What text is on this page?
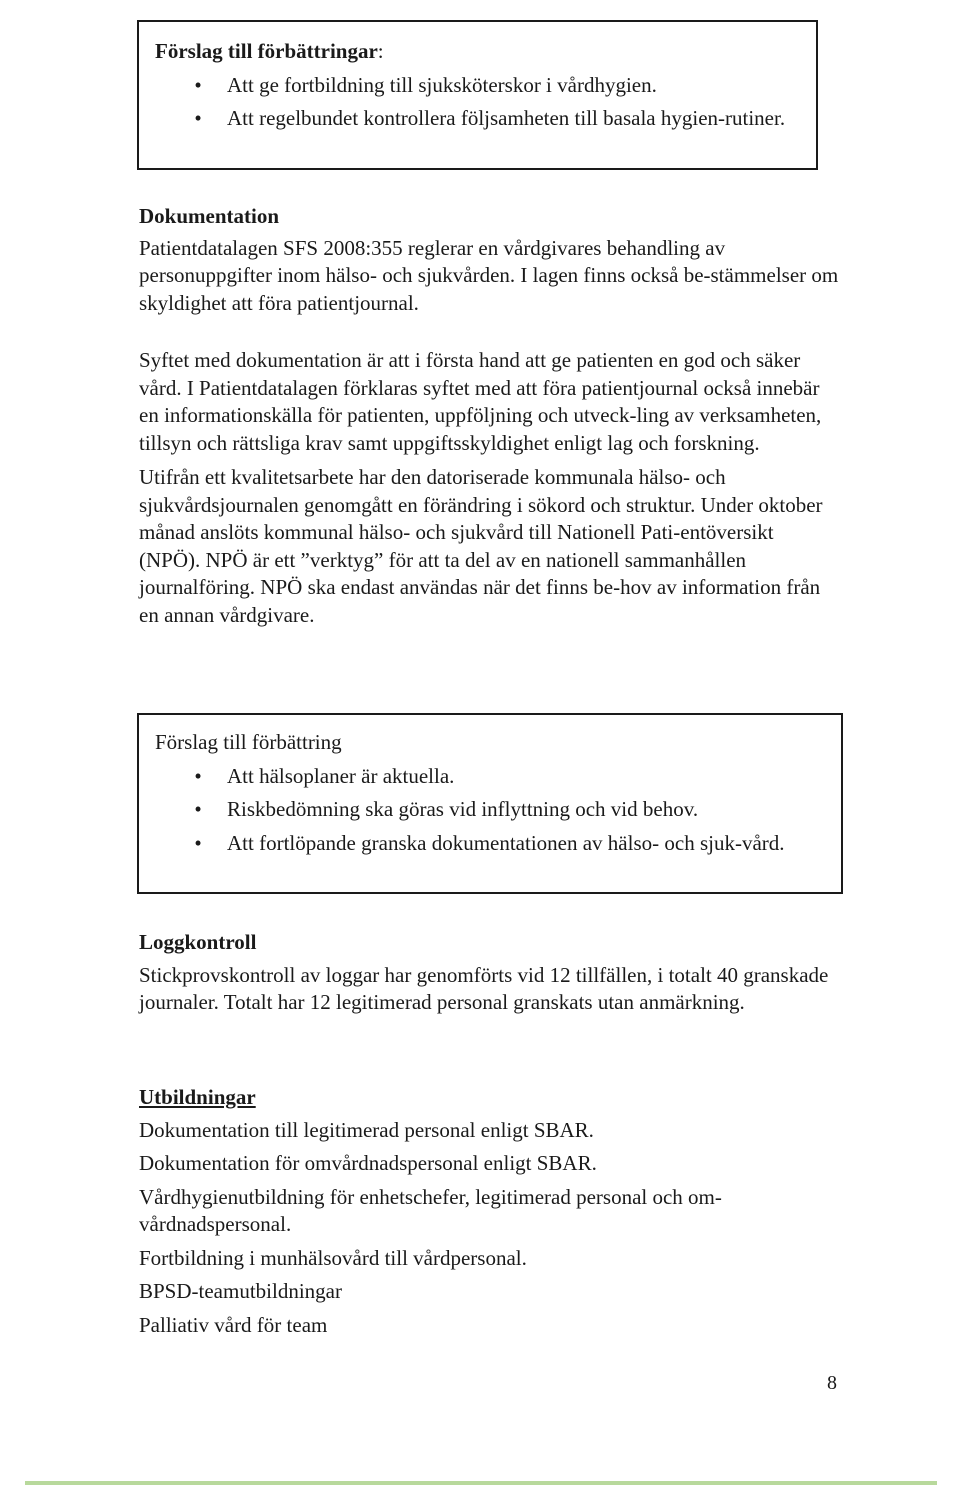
Förslag till förbättringar:
• Att ge fortbildning till sjuksköterskor i vårdhygien.
• Att regelbundet kontrollera följsamheten till basala hygien-rutiner.
Dokumentation

Patientdatalagen SFS 2008:355 reglerar en vårdgivares behandling av personuppgifter inom hälso- och sjukvården. I lagen finns också be-stämmelser om skyldighet att föra patientjournal.

Syftet med dokumentation är att i första hand att ge patienten en god och säker vård. I Patientdatalagen förklaras syftet med att föra patientjournal också innebär en informationskälla för patienten, uppföljning och utveck-ling av verksamheten, tillsyn och rättsliga krav samt uppgiftsskyldighet enligt lag och forskning.

Utifrån ett kvalitetsarbete har den datoriserade kommunala hälso- och sjukvårdsjournalen genomgått en förändring i sökord och struktur. Under oktober månad anslöts kommunal hälso- och sjukvård till Nationell Pati-entöversikt (NPÖ). NPÖ är ett ”verktyg” för att ta del av en nationell sammanhållen journalföring. NPÖ ska endast användas när det finns be-hov av information från en annan vårdgivare.

Förslag till förbättring
• Att hälsoplaner är aktuella.
• Riskbedömning ska göras vid inflyttning och vid behov.
• Att fortlöpande granska dokumentationen av hälso- och sjuk-vård.
Loggkontroll

Stickprovskontroll av loggar har genomförts vid 12 tillfällen, i totalt 40 granskade journaler. Totalt har 12 legitimerad personal granskats utan anmärkning.

Utbildningar

Dokumentation till legitimerad personal enligt SBAR.

Dokumentation för omvårdnadspersonal enligt SBAR.

Vårdhygienutbildning för enhetschefer, legitimerad personal och om-vårdnadspersonal.

Fortbildning i munhälsovård till vårdpersonal.

BPSD-teamutbildningar

Palliativ vård för team

8
